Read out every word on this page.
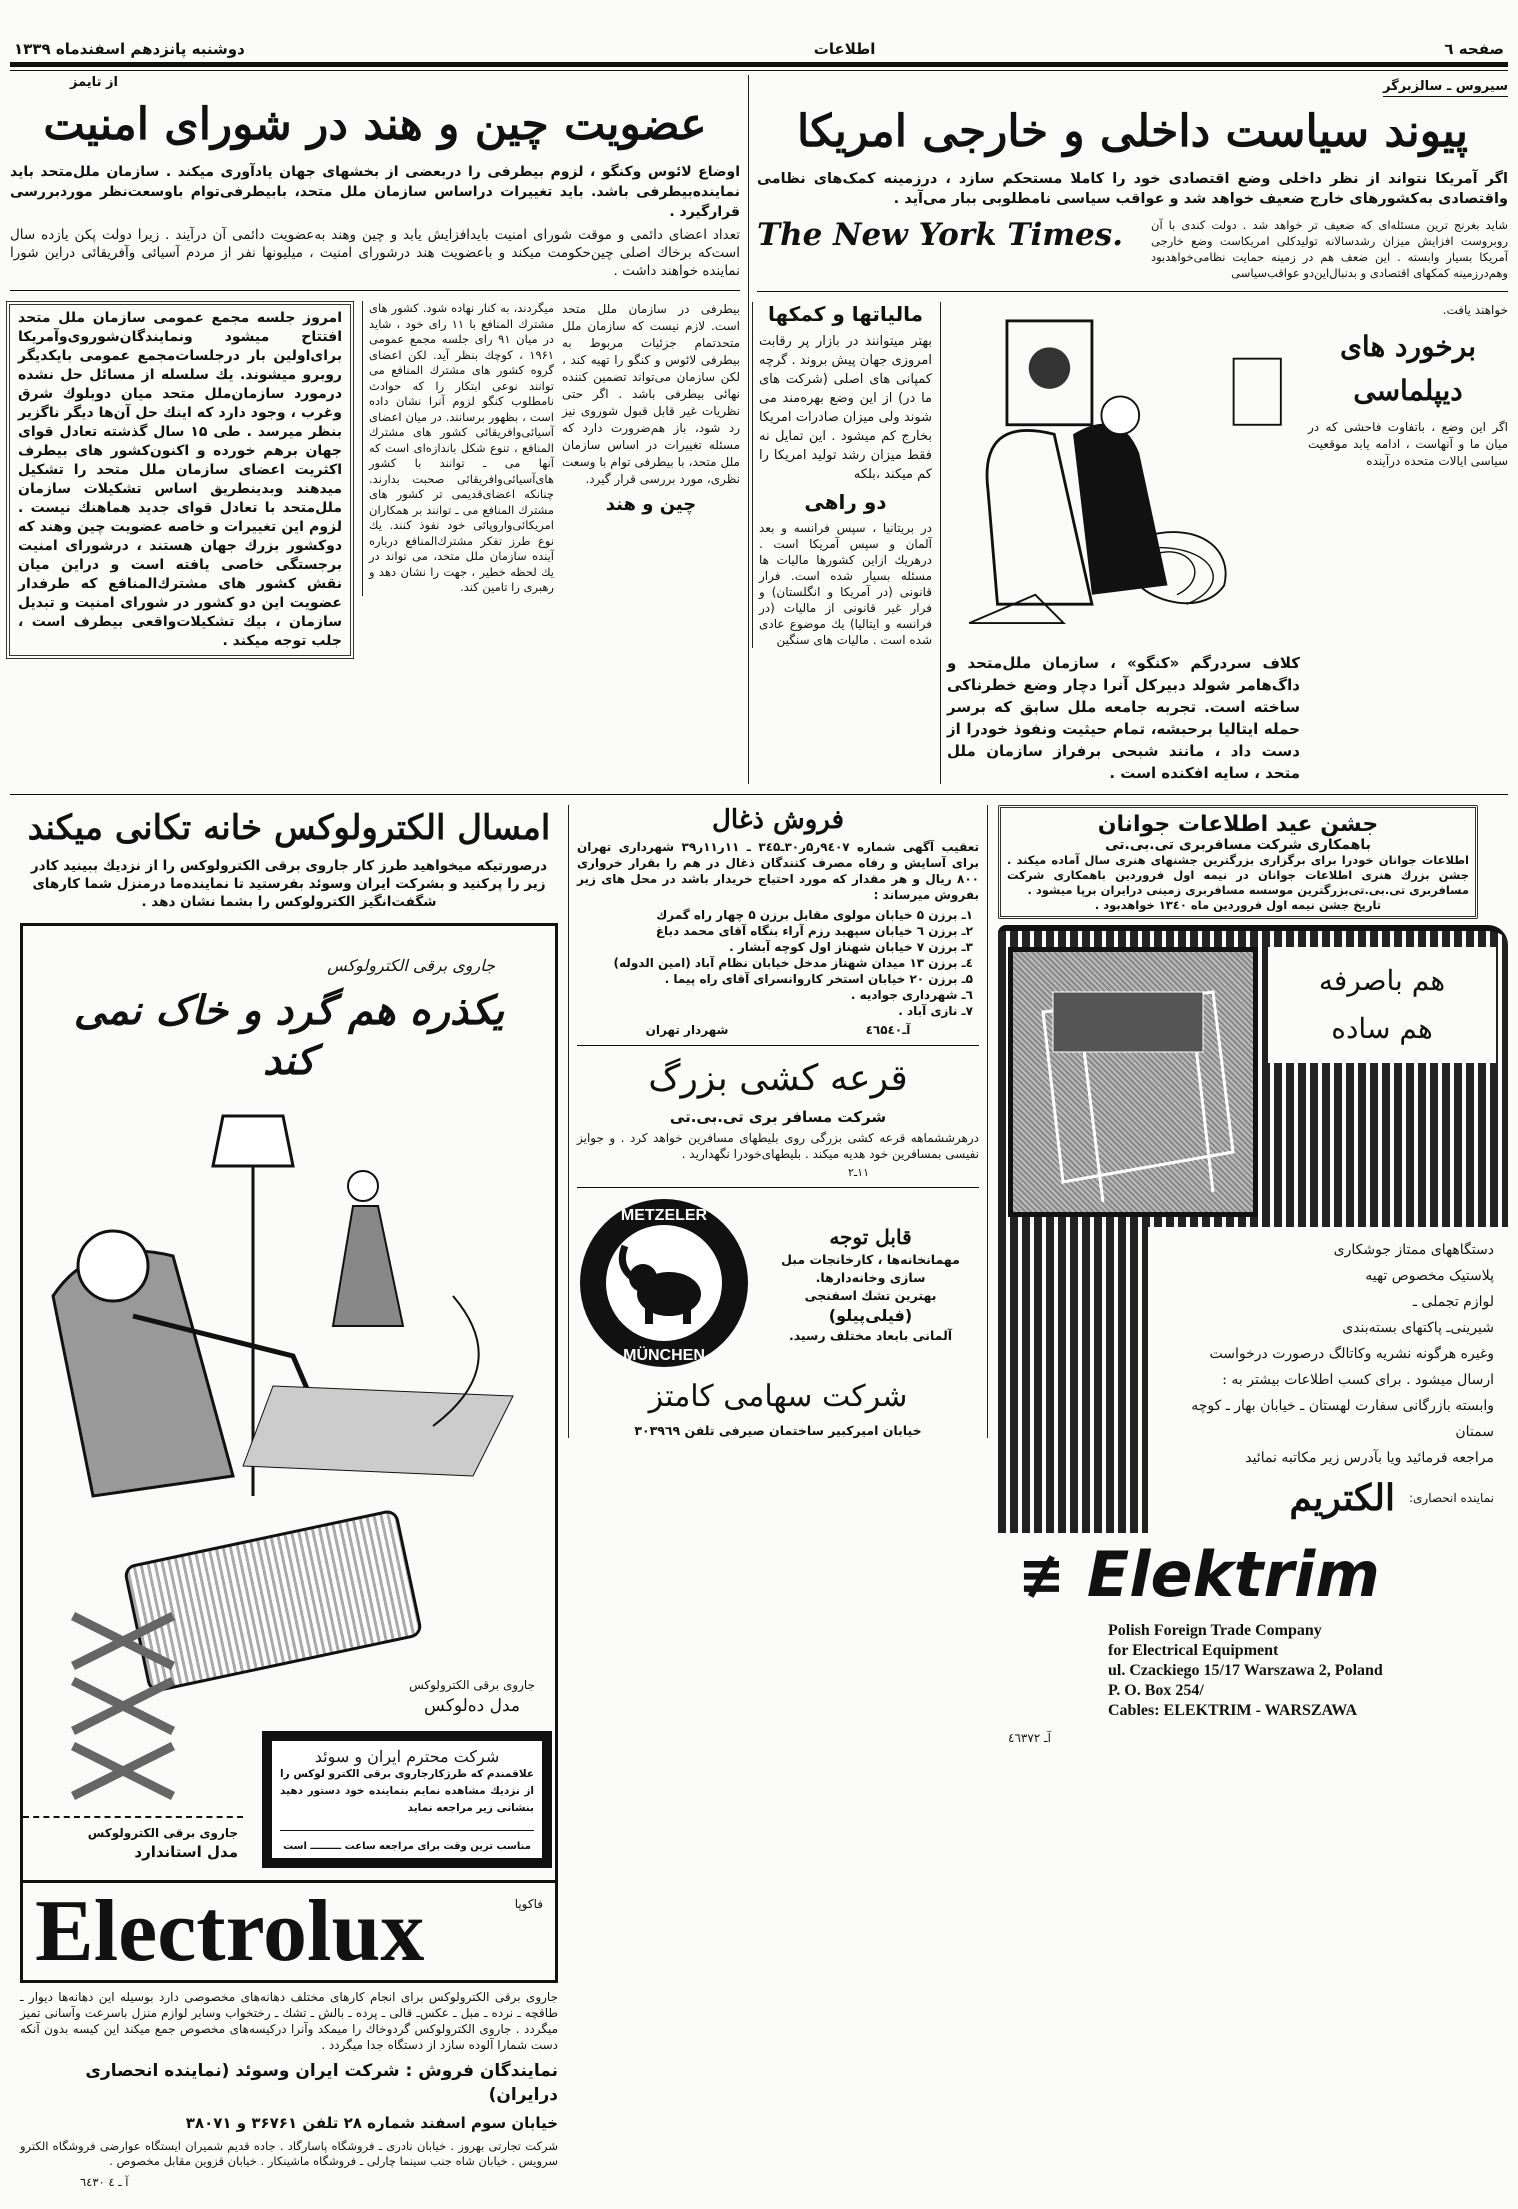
صفحه ٦
اطلاعات
دوشنبه پانزدهم اسفندماه ۱۳۳۹
سیروس ـ سالزبرگر
پیوند سیاست داخلی و خارجی امریکا
اگر آمریکا نتواند از نظر داخلی وضع اقتصادی خود را کاملا مستحکم سازد ، درزمینه کمک‌های نظامی واقتصادی به‌کشورهای خارج ضعیف خواهد شد و عواقب سیاسی نامطلوبی ببار می‌آید .
شاید بغرنج ترین مسئله‌ای که ضعیف تر خواهد شد . دولت کندی با آن روبروست افزایش میزان رشدسالانه تولیدکلی امریکاست وضع خارجی آمریکا بسیار وابسته . این ضعف هم در زمینه حمایت نظامی‌خواهدبود وهم‌درزمینه کمکهای اقتصادی و بدنبال‌این‌دو عواقب‌سیاسی
The New York Times.
خواهند یافت.
برخورد های دیپلماسی
اگر این وضع ، باتفاوت فاحشی که در میان ما و آنهاست ، ادامه یابد موقعیت سیاسی ایالات متحده درآینده
کلاف سردرگم «کنگو» ، سازمان ملل‌متحد و داگ‌هامر شولد دبیرکل آنرا دچار وضع خطرناکی ساخته است. تجربه جامعه ملل سابق که برسر حمله ایتالیا برحبشه، تمام حیثیت ونفوذ خودرا از دست داد ، مانند شبحی برفراز سازمان ملل متحد ، سایه افکنده است .
مالیاتها و کمکها
بهتر میتوانند در بازار پر رقابت امروزی جهان پیش بروند . گرچه کمپانی های اصلی (شرکت های ما در) از این وضع بهره‌مند می شوند ولی میزان صادرات امریکا بخارج کم میشود . این تمایل نه فقط میزان رشد تولید امریکا را کم میکند ،بلکه
دو راهی
در بریتانیا ، سپس فرانسه و بعد آلمان و سپس آمریکا است . درهریك ازاین كشورها مالیات ها مسئله بسیار شده است. فرار قانونی (در آمریکا و انگلستان) و فرار غیر قانونی از مالیات (در فرانسه و ایتالیا) یك موضوع عادی شده است . مالیات های سنگین
از تایمز
عضویت چین و هند در شورای امنیت
اوضاع لائوس وکنگو ، لزوم بیطرفی را دربعضی از بخشهای جهان یادآوری میکند . سازمان ملل‌متحد باید نماینده‌بیطرفی باشد. باید تغییرات دراساس سازمان ملل متحد، بابیطرفی‌توام باوسعت‌نظر موردبررسی قرارگیرد .
تعداد اعضای دائمی و موقت شورای امنیت بایدافزایش یابد و چین وهند به‌عضویت دائمی آن درآیند . زیرا دولت پکن یازده سال است‌که برخاك اصلی چین‌حکومت میکند و باعضویت هند درشورای امنیت ، میلیونها نفر از مردم آسیائی وآفریقائی دراین شورا نماینده خواهند داشت .
بیطرفی در سازمان ملل متحد است. لازم نیست که سازمان ملل متحدتمام جزئیات مربوط به بیطرفی لائوس و کنگو را تهیه کند ، لکن سازمان می‌تواند تضمین کننده نهائی بیطرفی باشد . اگر حتی نظریات غیر قابل قبول شوروی نیز رد شود، باز هم‌ضرورت دارد که مسئله تغییرات در اساس سازمان ملل متحد، با بیطرفی توام با وسعت نظری، مورد بررسی قرار گیرد.
چین و هند
میگردند، به کنار نهاده شود. کشور های مشترك المنافع با ۱۱ رای خود ، شاید در میان ۹۱ رای جلسه مجمع عمومی ۱۹۶۱ ، کوچك بنظر آید. لکن اعضای گروه کشور های مشترك المنافع می توانند نوعی ابتکار را که حوادث نامطلوب کنگو لزوم آنرا نشان داده است ، بظهور برسانند. در میان اعضای آسیائی‌وافریقائی کشور های مشترك المنافع ، تنوع شکل باندازه‌ای است که آنها می ـ توانند با کشور های‌آسیائی‌وافریقائی صحبت بدارند. چنانکه اعضای‌قدیمی تر کشور های مشترك المنافع می ـ توانند بر همکاران امریکائی‌واروپائی خود نفوذ کنند. یك نوع طرز تفکر مشترك‌المنافع درباره آینده سازمان ملل متحد، می تواند در یك لحظه خطیر ، جهت را نشان دهد و رهبری را تامین کند.
امروز جلسه مجمع عمومی سازمان ملل متحد افتتاح میشود ونمایندگان‌شوروی‌وآمریکا برای‌اولین بار درجلسات‌مجمع عمومی بایکدیگر روبرو میشوند. یك سلسله از مسائل حل نشده درمورد سازمان‌ملل متحد میان دوبلوك شرق وغرب ، وجود دارد که اینك حل آن‌ها دیگر ناگزیر بنظر میرسد . طی ۱۵ سال گذشته تعادل قوای جهان برهم خورده و اکنون‌کشور های بیطرف اکثریت اعضای سازمان ملل متحد را تشکیل میدهند وبدینطریق اساس تشکیلات سازمان ملل‌متحد با تعادل قوای جدید هماهنك نیست . لزوم این تغییرات و خاصه عضویت چین وهند که دوکشور بزرك جهان هستند ، درشورای امنیت برجستگی خاصی یافته است و دراین میان نقش کشور های مشترك‌المنافع که طرفدار عضویت این دو کشور در شورای امنیت و تبدیل سازمان ، بیك تشکیلات‌واقعی بیطرف است ، جلب توجه میکند .
جشن عید اطلاعات جوانان
باهمکاری شرکت مسافربری تی.بی.تی
اطلاعات جوانان خودرا برای برگزاری بزرگترین جشنهای هنری سال آماده میکند . جشن بزرك هنری اطلاعات جوانان در نیمه اول فروردین باهمکاری شرکت مسافربری تی.بی.تی‌بزرگترین موسسه مسافربری زمینی درایران برپا میشود .
تاریخ جشن نیمه اول فروردین ماه ۱۳٤۰ خواهدبود .
هم باصرفه
هم ساده
دستگاههای ممتاز جوشکاری
پلاستیک مخصوص تهیه
لوازم تجملی ـ
شیرینی‌ـ پاکتهای بسته‌بندی
وغیره هرگونه نشریه وکاتالگ درصورت درخواست
ارسال میشود . برای کسب اطلاعات بیشتر به :
وابسته بازرگانی سفارت لهستان ـ خیابان بهار ـ کوچه سمنان
مراجعه فرمائید ویا بآدرس زیر مکاتبه نمائید
نماینده انحصاری:
الکتریم
≢ Elektrim
Polish Foreign Trade Company
for Electrical Equipment
ul. Czackiego 15/17 Warszawa 2, Poland
P. O. Box 254/
Cables: ELEKTRIM - WARSZAWA
آـ ٤٦٣٧٢
فروش ذغال
تعقیب آگهی شماره ۹٤۰۷ر۵ر۳۰ـ۳٤۵ ـ ۱۱ر۱۱ر۳۹ شهرداری تهران برای آسایش و رفاه مصرف کنندگان ذغال در هم را بقرار خرواری ۸۰۰ ریال و هر مقدار که مورد احتیاج خریدار باشد در محل های زیر بفروش میرساند :
۱ـ برزن ۵ خیابان مولوی مقابل برزن ۵ چهار راه گمرك
۲ـ برزن ٦ خیابان سپهبد رزم آراء بنگاه آقای محمد دباغ
۳ـ برزن ۷ خیابان شهناز اول کوچه آبشار .
٤ـ برزن ۱۳ میدان شهناز مدخل خیابان نظام آباد (امین الدوله)
۵ـ برزن ۲۰ خیابان استخر کاروانسرای آقای راه پیما .
٦ـ شهرداری جوادیه .
۷ـ نازی آباد .
آـ٤٦۵٤٠
شهردار تهران
قرعه کشی بزرگ
شرکت مسافر بری تی.بی.تی
درهرششماهه قرعه کشی بزرگی روی بلیطهای مسافرین خواهد کرد . و جوایز نفیسی بمسافرین خود هدیه میکند . بلیطهای‌خودرا نگهدارید .
۱۱ـ۲
قابل توجه
مهمانخانه‌ها ، کارخانجات مبل سازی وخانه‌دارها.
بهترین تشك اسفنجی
(فیلی‌پیلو)
آلمانی بابعاد مختلف رسید.
METZELER
MÜNCHEN
شرکت سهامی کامتز
خیابان امیرکبیر ساختمان صیرفی تلفن ۳۰۳۹٦۹
امسال الکترولوکس خانه تکانی میکند
درصورتیکه میخواهید طرز کار جاروی برقی الکترولوکس را از نزدیك ببینید کادر زیر را پرکنید و بشرکت ایران وسوئد بفرستید تا نماینده‌ما درمنزل شما کارهای شگفت‌انگیز الکترولوکس را بشما نشان دهد .
جاروی برقی الکترولوکس
یکذره هم گرد و خاک نمی کند
جاروی برقی الکترولوکس
مدل دەلوکس
شرکت محترم ایران و سوئد
علاقمندم که طرزکارجاروی برقی الکترو لوکس را از نزدیك مشاهده نمایم بنماینده خود دستور دهید بنشانی زیر مراجعه نماید
مناسب ترین وقت برای مراجعه ساعت ـــــــــ است
جاروی برقی الکترولوکس
مدل استاندارد
Electrolux	فاکوپا
جاروی برقی الکترولوکس برای انجام کارهای مختلف دهانه‌های مخصوصی دارد بوسیله این دهانه‌ها دیوار ـ طاقچه ـ نرده ـ مبل ـ عکس‌ـ قالی ـ پرده ـ بالش ـ تشك ـ رختخواب وسایر لوازم منزل باسرعت وآسانی تمیز میگردد . جاروی الکترولوکس گردوخاك را میمکد وآنرا درکیسه‌های مخصوص جمع میکند این کیسه بدون آنکه دست شمارا آلوده سازد از دستگاه جدا میگردد .
نمایندگان فروش : شرکت ایران وسوئد (نماینده انحصاری درایران)
خیابان سوم اسفند شماره ۲۸ تلفن ۳۶۷۶۱ و ۳۸۰۷۱
شرکت تجارتی بهروز . خیابان نادری ـ فروشگاه پاسارگاد . جاده قدیم شمیران ایستگاه عوارضی فروشگاه الکترو سرویس . خیابان شاه جنب سینما چارلی ـ فروشگاه ماشینکار . خیابان قزوین مقابل مخصوص .
آ ـ ٤ ٦٤٣٠
